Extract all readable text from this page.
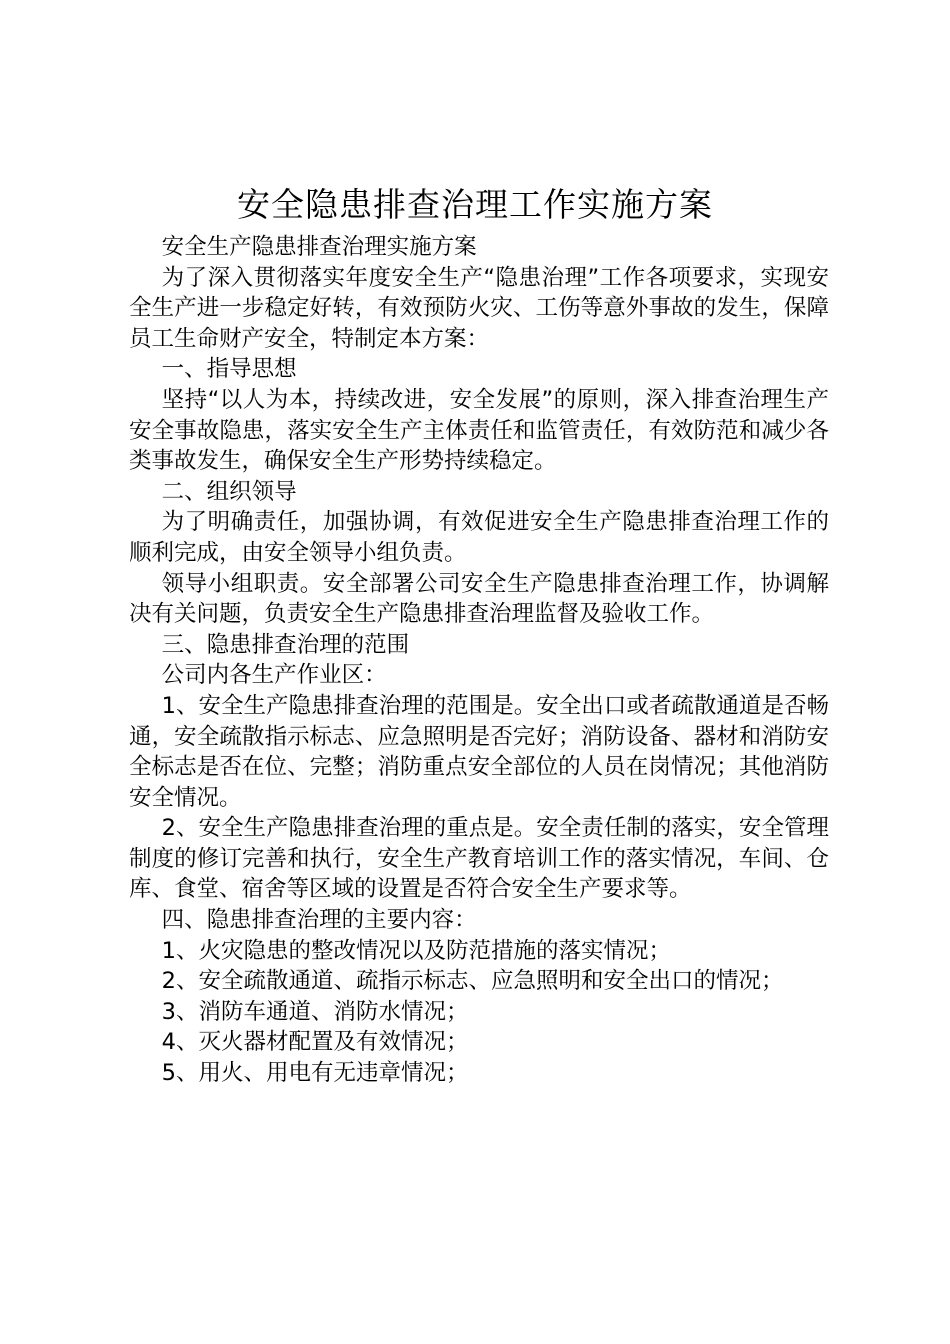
安全隐患排查治理工作实施方案

安全生产隐患排查治理实施方案

为了深入贯彻落实年度安全生产“隐患治理”工作各项要求，实现安全生产进一步稳定好转，有效预防火灾、工伤等意外事故的发生，保障员工生命财产安全，特制定本方案：

一、指导思想

坚持“以人为本，持续改进，安全发展”的原则，深入排查治理生产安全事故隐患，落实安全生产主体责任和监管责任，有效防范和减少各类事故发生，确保安全生产形势持续稳定。

二、组织领导

为了明确责任，加强协调，有效促进安全生产隐患排查治理工作的顺利完成，由安全领导小组负责。

领导小组职责。安全部署公司安全生产隐患排查治理工作，协调解决有关问题，负责安全生产隐患排查治理监督及验收工作。

三、隐患排查治理的范围

公司内各生产作业区：

1、安全生产隐患排查治理的范围是。安全出口或者疏散通道是否畅通，安全疏散指示标志、应急照明是否完好；消防设备、器材和消防安全标志是否在位、完整；消防重点安全部位的人员在岗情况；其他消防安全情况。

2、安全生产隐患排查治理的重点是。安全责任制的落实，安全管理制度的修订完善和执行，安全生产教育培训工作的落实情况，车间、仓库、食堂、宿舍等区域的设置是否符合安全生产要求等。

四、隐患排查治理的主要内容：

1、火灾隐患的整改情况以及防范措施的落实情况；

2、安全疏散通道、疏指示标志、应急照明和安全出口的情况；

3、消防车通道、消防水情况；

4、灭火器材配置及有效情况；

5、用火、用电有无违章情况；
